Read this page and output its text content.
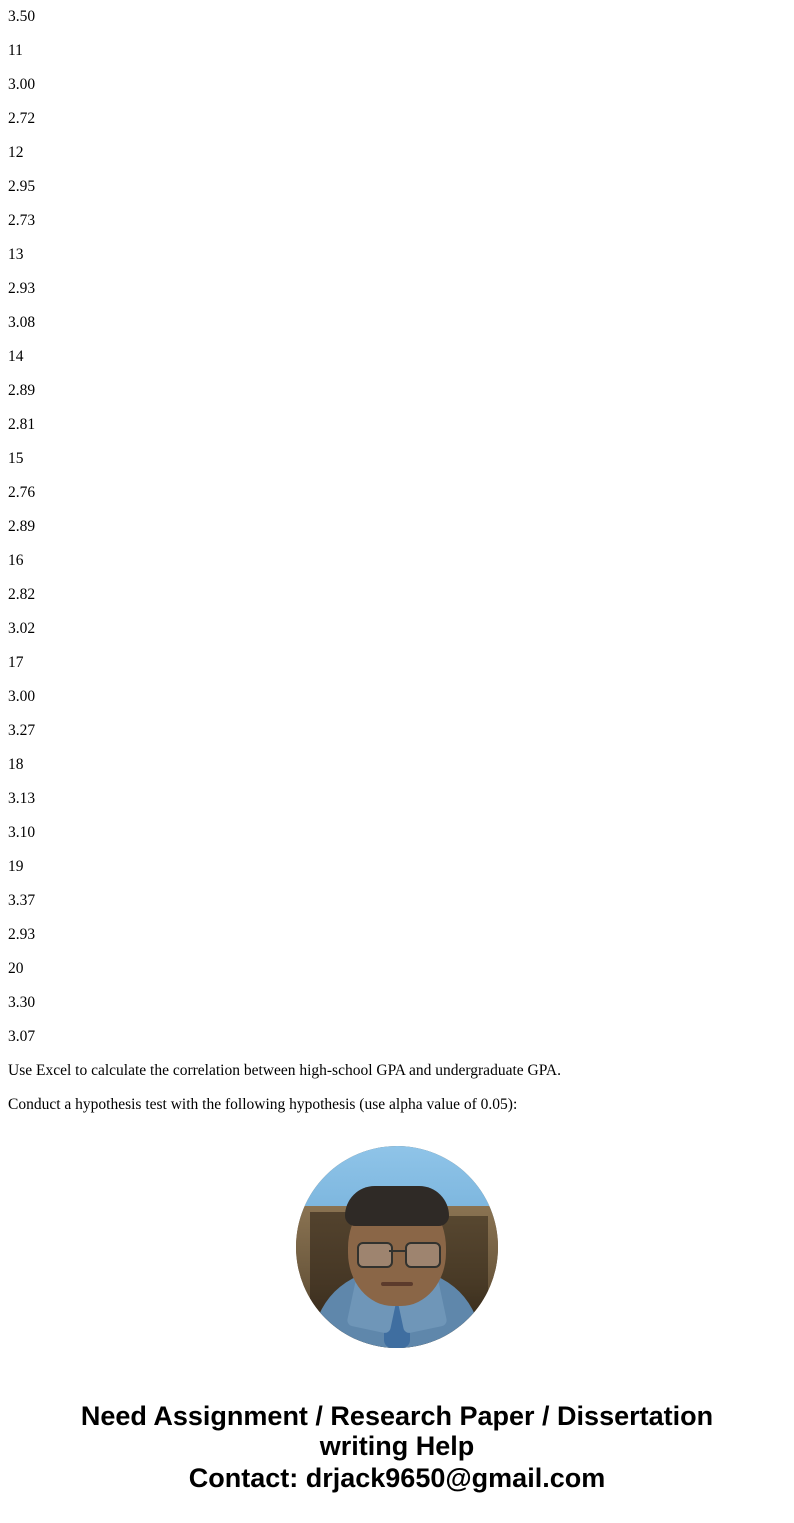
3.50
11
3.00
2.72
12
2.95
2.73
13
2.93
3.08
14
2.89
2.81
15
2.76
2.89
16
2.82
3.02
17
3.00
3.27
18
3.13
3.10
19
3.37
2.93
20
3.30
3.07
Use Excel to calculate the correlation between high-school GPA and undergraduate GPA.
Conduct a hypothesis test with the following hypothesis (use alpha value of 0.05):
Need Assignment / Research Paper / Dissertation
writing Help
Contact: drjack9650@gmail.com
